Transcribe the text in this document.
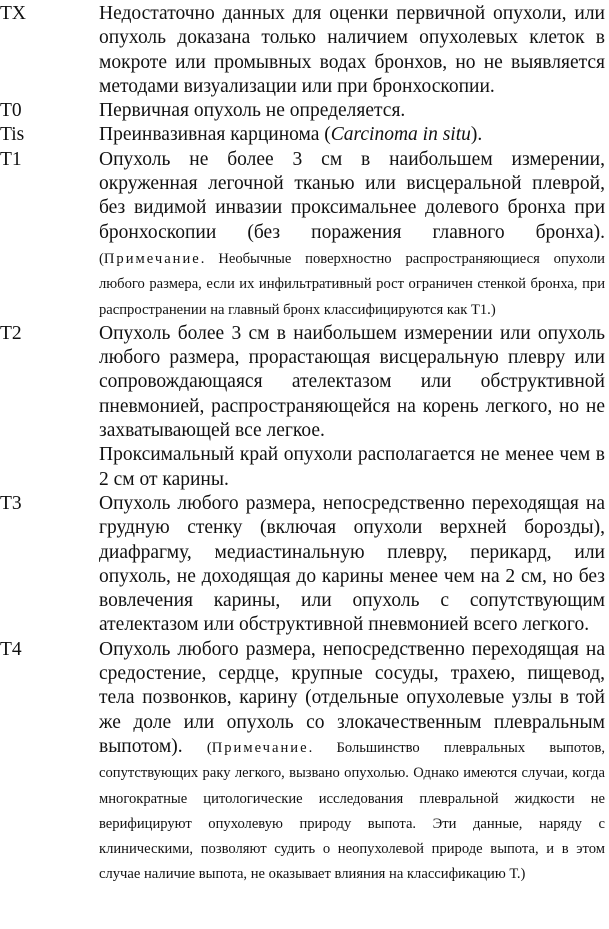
TX	Недостаточно данных для оценки первичной опухоли, или опухоль доказана только наличием опухолевых клеток в мокроте или промывных водах бронхов, но не выявляется методами визуализации или при бронхоскопии.
T0	Первичная опухоль не определяется.
Tis	Преинвазивная карцинома (Carcinoma in situ).
T1	Опухоль не более 3 см в наибольшем измерении, окруженная легочной тканью или висцеральной плеврой, без видимой инвазии проксимальнее долевого бронха при бронхоскопии (без поражения главного бронха). (Примечание. Необычные поверхностно распространяющиеся опухоли любого размера, если их инфильтративный рост ограничен стенкой бронха, при распространении на главный бронх классифицируются как T1.)
T2	Опухоль более 3 см в наибольшем измерении или опухоль любого размера, прорастающая висцеральную плевру или сопровождающаяся ателектазом или обструктивной пневмонией, распространяющейся на корень легкого, но не захватывающей все легкое.
Проксимальный край опухоли располагается не менее чем в 2 см от карины.
T3	Опухоль любого размера, непосредственно переходящая на грудную стенку (включая опухоли верхней борозды), диафрагму, медиастинальную плевру, перикард, или опухоль, не доходящая до карины менее чем на 2 см, но без вовлечения карины, или опухоль с сопутствующим ателектазом или обструктивной пневмонией всего легкого.
T4	Опухоль любого размера, непосредственно переходящая на средостение, сердце, крупные сосуды, трахею, пищевод, тела позвонков, карину (отдельные опухолевые узлы в той же доле или опухоль со злокачественным плевральным выпотом). (Примечание. Большинство плевральных выпотов, сопутствующих раку легкого, вызвано опухолью. Однако имеются случаи, когда многократные цитологические исследования плевральной жидкости не верифицируют опухолевую природу выпота. Эти данные, наряду с клиническими, позволяют судить о неопухолевой природе выпота, и в этом случае наличие выпота, не оказывает влияния на классификацию Т.)
